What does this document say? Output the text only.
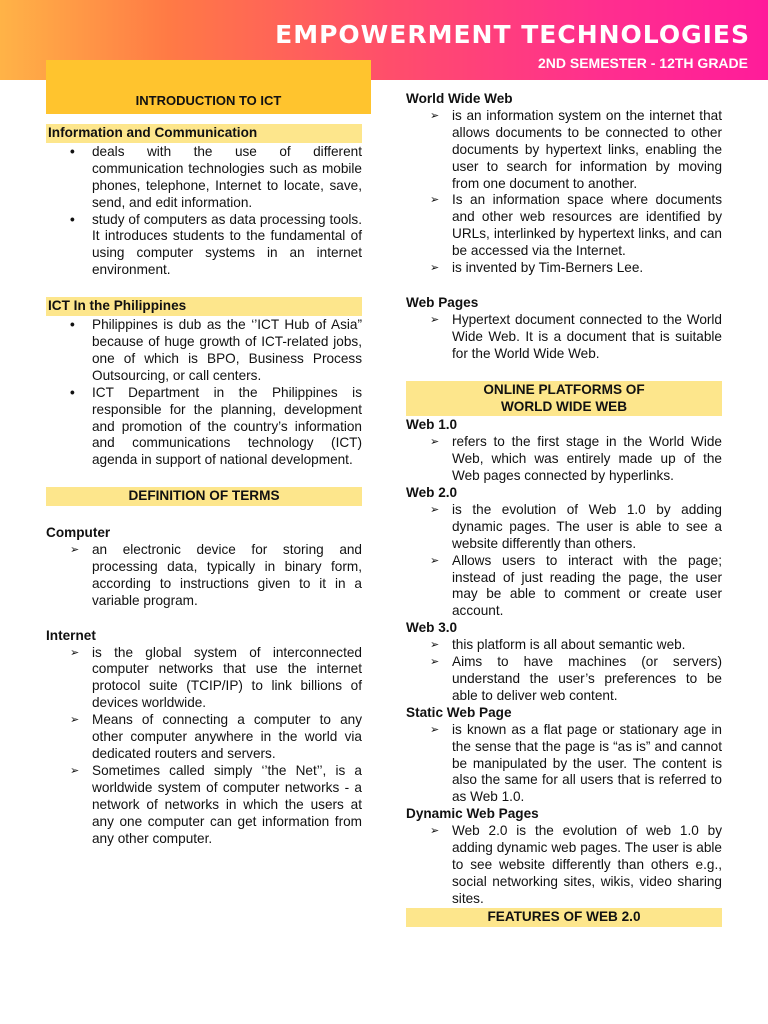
EMPOWERMENT TECHNOLOGIES
2ND SEMESTER - 12TH GRADE
INTRODUCTION TO ICT
Information and Communication
• deals with the use of different communication technologies such as mobile phones, telephone, Internet to locate, save, send, and edit information.
• study of computers as data processing tools. It introduces students to the fundamental of using computer systems in an internet environment.
ICT In the Philippines
• Philippines is dub as the ‘’ICT Hub of Asia” because of huge growth of ICT-related jobs, one of which is BPO, Business Process Outsourcing, or call centers.
• ICT Department in the Philippines is responsible for the planning, development and promotion of the country’s information and communications technology (ICT) agenda in support of national development.
DEFINITION OF TERMS
Computer
➢ an electronic device for storing and processing data, typically in binary form, according to instructions given to it in a variable program.
Internet
➢ is the global system of interconnected computer networks that use the internet protocol suite (TCIP/IP) to link billions of devices worldwide.
➢ Means of connecting a computer to any other computer anywhere in the world via dedicated routers and servers.
➢ Sometimes called simply ‘’the Net’’, is a worldwide system of computer networks - a network of networks in which the users at any one computer can get information from any other computer.
World Wide Web
➢ is an information system on the internet that allows documents to be connected to other documents by hypertext links, enabling the user to search for information by moving from one document to another.
➢ Is an information space where documents and other web resources are identified by URLs, interlinked by hypertext links, and can be accessed via the Internet.
➢ is invented by Tim-Berners Lee.
Web Pages
➢ Hypertext document connected to the World Wide Web. It is a document that is suitable for the World Wide Web.
ONLINE PLATFORMS OF
WORLD WIDE WEB
Web 1.0
➢ refers to the first stage in the World Wide Web, which was entirely made up of the Web pages connected by hyperlinks.
Web 2.0
➢ is the evolution of Web 1.0 by adding dynamic pages. The user is able to see a website differently than others.
➢ Allows users to interact with the page; instead of just reading the page, the user may be able to comment or create user account.
Web 3.0
➢ this platform is all about semantic web.
➢ Aims to have machines (or servers) understand the user’s preferences to be able to deliver web content.
Static Web Page
➢ is known as a flat page or stationary age in the sense that the page is “as is” and cannot be manipulated by the user. The content is also the same for all users that is referred to as Web 1.0.
Dynamic Web Pages
➢ Web 2.0 is the evolution of web 1.0 by adding dynamic web pages. The user is able to see website differently than others e.g., social networking sites, wikis, video sharing sites.
FEATURES OF WEB 2.0
